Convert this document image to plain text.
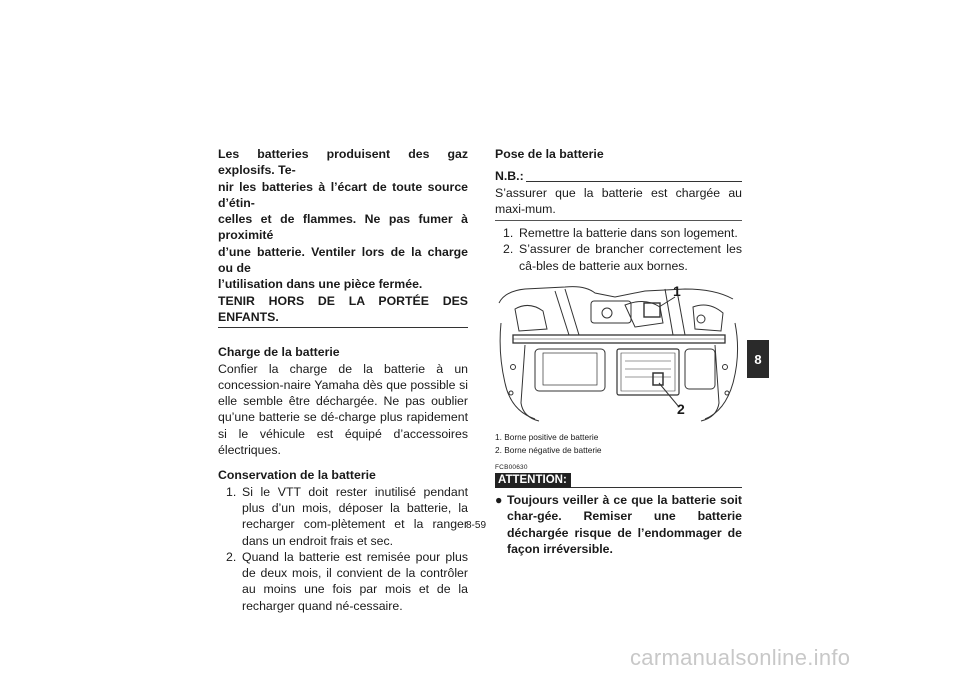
Les batteries produisent des gaz explosifs. Te-
nir les batteries à l’écart de toute source d’étin-
celles et de flammes. Ne pas fumer à proximité
d’une batterie. Ventiler lors de la charge ou de
l’utilisation dans une pièce fermée.
TENIR HORS DE LA PORTÉE DES ENFANTS.
Charge de la batterie
Confier la charge de la batterie à un concession-naire Yamaha dès que possible si elle semble être déchargée. Ne pas oublier qu’une batterie se dé-charge plus rapidement si le véhicule est équipé d’accessoires électriques.
Conservation de la batterie
1. Si le VTT doit rester inutilisé pendant plus d’un mois, déposer la batterie, la recharger com-plètement et la ranger dans un endroit frais et sec.
2. Quand la batterie est remisée pour plus de deux mois, il convient de la contrôler au moins une fois par mois et de la recharger quand né-cessaire.
Pose de la batterie
N.B.:
S’assurer que la batterie est chargée au maxi-mum.
1. Remettre la batterie dans son logement.
2. S’assurer de brancher correctement les câ-bles de batterie aux bornes.
1
2
1. Borne positive de batterie
2. Borne négative de batterie
FCB00630
ATTENTION:
● Toujours veiller à ce que la batterie soit char-gée. Remiser une batterie déchargée risque de l’endommager de façon irréversible.
8
8-59
carmanualsonline.info
